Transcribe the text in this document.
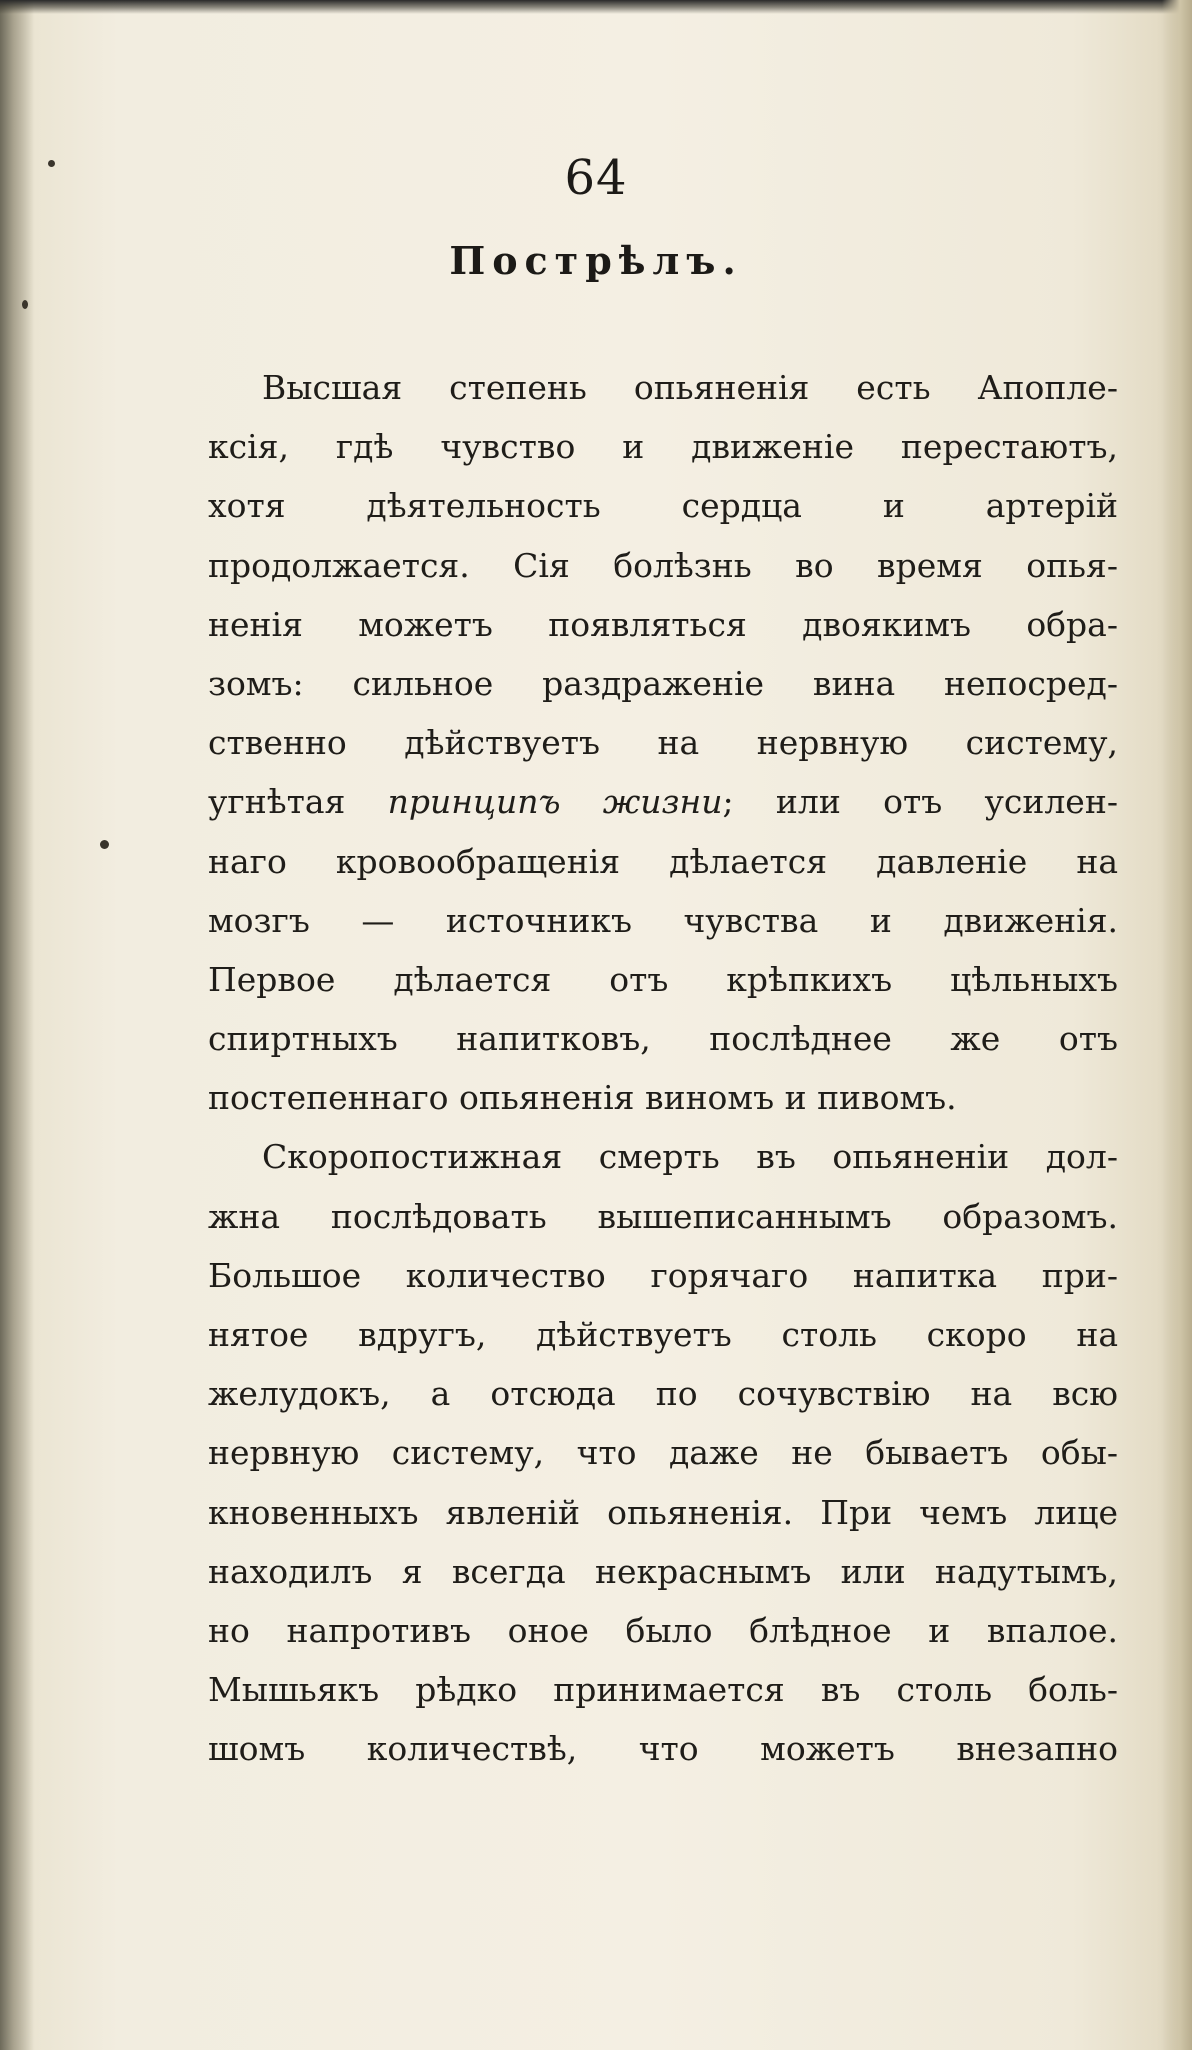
64
Пострѣлъ.
Высшая степень опьяненія есть Апопле-
ксія, гдѣ чувство и движеніе перестаютъ,
хотя дѣятельность сердца и артерій
продолжается. Сія болѣзнь во время опья-
ненія можетъ появляться двоякимъ обра-
зомъ: сильное раздраженіе вина непосред-
ственно дѣйствуетъ на нервную систему,
угнѣтая принципъ жизни; или отъ усилен-
наго кровообращенія дѣлается давленіе на
мозгъ — источникъ чувства и движенія.
Первое дѣлается отъ крѣпкихъ цѣльныхъ
спиртныхъ напитковъ, послѣднее же отъ
постепеннаго опьяненія виномъ и пивомъ.
Скоропостижная смерть въ опьяненіи дол-
жна послѣдовать вышеписаннымъ образомъ.
Большое количество горячаго напитка при-
нятое вдругъ, дѣйствуетъ столь скоро на
желудокъ, а отсюда по сочувствію на всю
нервную систему, что даже не бываетъ обы-
кновенныхъ явленій опьяненія. При чемъ лице
находилъ я всегда некраснымъ или надутымъ,
но напротивъ оное было блѣдное и впалое.
Мышьякъ рѣдко принимается въ столь боль-
шомъ количествѣ, что можетъ внезапно
